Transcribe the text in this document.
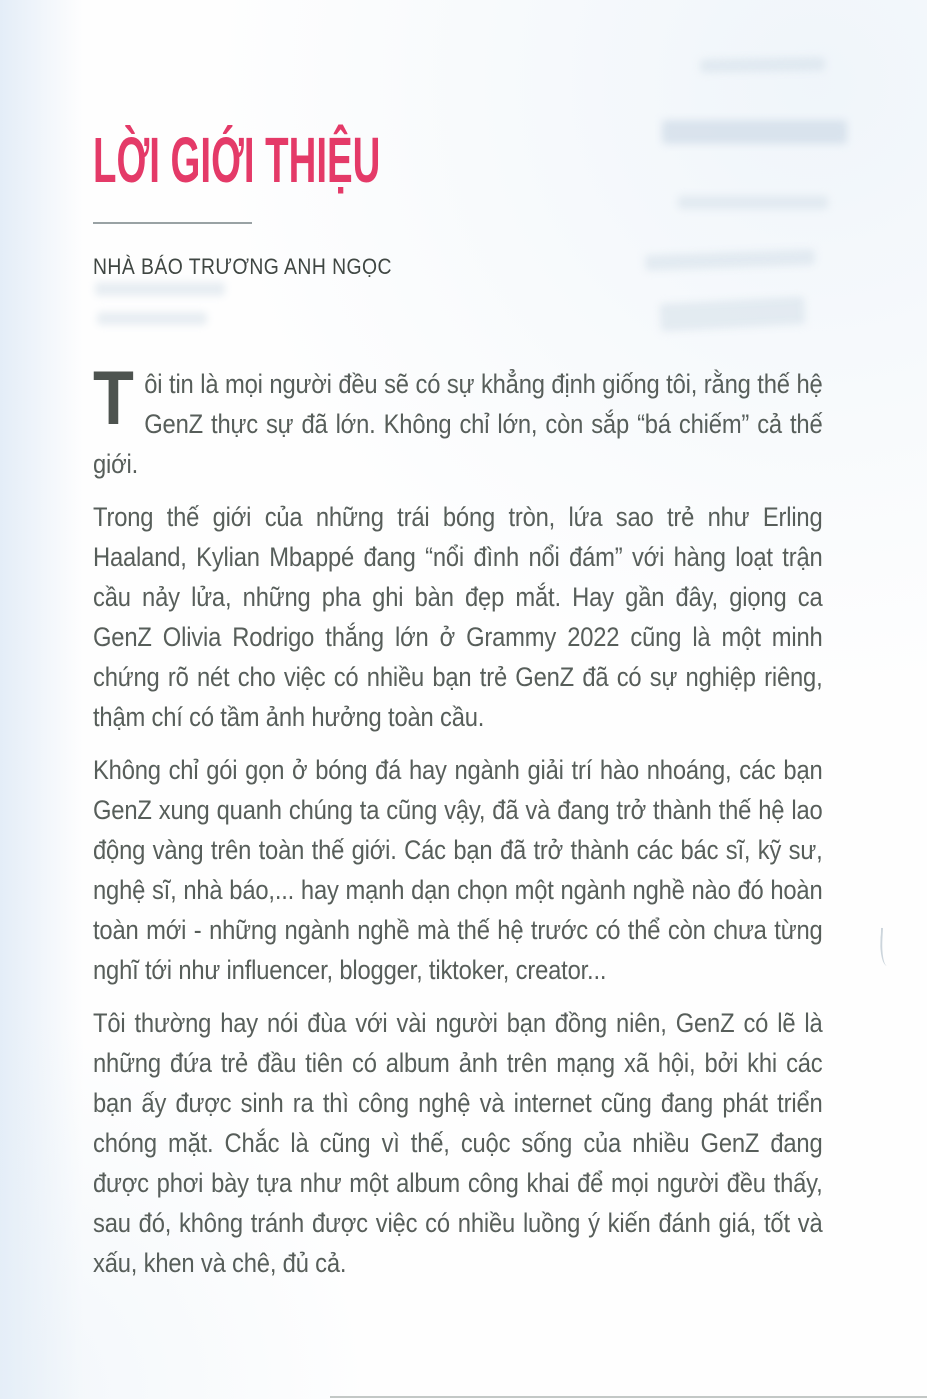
LỜI GIỚI THIỆU
NHÀ BÁO TRƯƠNG ANH NGỌC

Tôi tin là mọi người đều sẽ có sự khẳng định giống tôi, rằng thế hệ GenZ thực sự đã lớn. Không chỉ lớn, còn sắp “bá chiếm” cả thế giới.

Trong thế giới của những trái bóng tròn, lứa sao trẻ như Erling Haaland, Kylian Mbappé đang “nổi đình nổi đám” với hàng loạt trận cầu nảy lửa, những pha ghi bàn đẹp mắt. Hay gần đây, giọng ca GenZ Olivia Rodrigo thắng lớn ở Grammy 2022 cũng là một minh chứng rõ nét cho việc có nhiều bạn trẻ GenZ đã có sự nghiệp riêng, thậm chí có tầm ảnh hưởng toàn cầu.

Không chỉ gói gọn ở bóng đá hay ngành giải trí hào nhoáng, các bạn GenZ xung quanh chúng ta cũng vậy, đã và đang trở thành thế hệ lao động vàng trên toàn thế giới. Các bạn đã trở thành các bác sĩ, kỹ sư, nghệ sĩ, nhà báo,... hay mạnh dạn chọn một ngành nghề nào đó hoàn toàn mới - những ngành nghề mà thế hệ trước có thể còn chưa từng nghĩ tới như influencer, blogger, tiktoker, creator...

Tôi thường hay nói đùa với vài người bạn đồng niên, GenZ có lẽ là những đứa trẻ đầu tiên có album ảnh trên mạng xã hội, bởi khi các bạn ấy được sinh ra thì công nghệ và internet cũng đang phát triển chóng mặt. Chắc là cũng vì thế, cuộc sống của nhiều GenZ đang được phơi bày tựa như một album công khai để mọi người đều thấy, sau đó, không tránh được việc có nhiều luồng ý kiến đánh giá, tốt và xấu, khen và chê, đủ cả.
